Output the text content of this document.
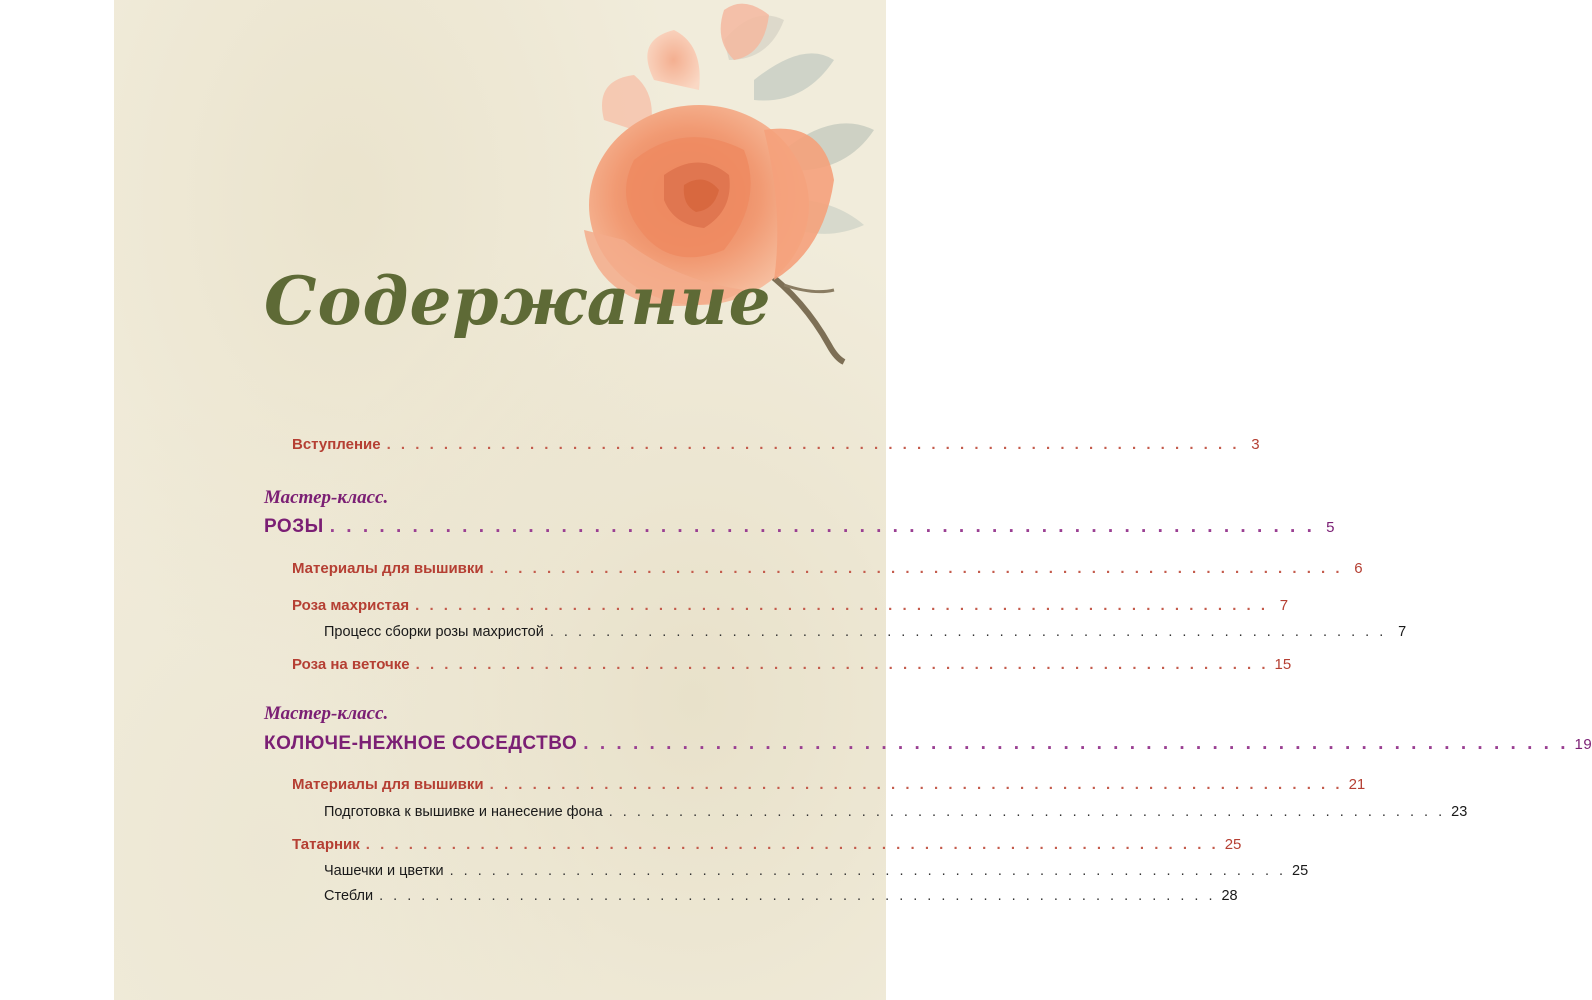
Содержание
Вступление . . . . . . . . . . . . . . . . . . . . . . . . . . . . . . . . . . . . . . . . . . . . . . . . . . . . . . . . . . . . 3
Мастер-класс.
РОЗЫ . . . . . . . . . . . . . . . . . . . . . . . . . . . . . . . . . . . . . . . . . . . . . . . . . . . . . . . . . . . . 5
Материалы для вышивки . . . . . . . . . . . . . . . . . . . . . . . . . . . . . . . . . . . . . . . . . . . . . . . . . . . . . . . . . . . . 6
Роза махристая . . . . . . . . . . . . . . . . . . . . . . . . . . . . . . . . . . . . . . . . . . . . . . . . . . . . . . . . . . . . 7
Процесс сборки розы махристой . . . . . . . . . . . . . . . . . . . . . . . . . . . . . . . . . . . . . . . . . . . . . . . . . . . . . . . . . . . . 7
Роза на веточке . . . . . . . . . . . . . . . . . . . . . . . . . . . . . . . . . . . . . . . . . . . . . . . . . . . . . . . . . . . . 15
Мастер-класс.
КОЛЮЧЕ-НЕЖНОЕ СОСЕДСТВО . . . . . . . . . . . . . . . . . . . . . . . . . . . . . . . . . . . . . . . . . . . . . . . . . . . . . . . . . . . . 19
Материалы для вышивки . . . . . . . . . . . . . . . . . . . . . . . . . . . . . . . . . . . . . . . . . . . . . . . . . . . . . . . . . . . . 21
Подготовка к вышивке и нанесение фона . . . . . . . . . . . . . . . . . . . . . . . . . . . . . . . . . . . . . . . . . . . . . . . . . . . . . . . . . . . . 23
Татарник . . . . . . . . . . . . . . . . . . . . . . . . . . . . . . . . . . . . . . . . . . . . . . . . . . . . . . . . . . . . 25
Чашечки и цветки . . . . . . . . . . . . . . . . . . . . . . . . . . . . . . . . . . . . . . . . . . . . . . . . . . . . . . . . . . . . 25
Стебли . . . . . . . . . . . . . . . . . . . . . . . . . . . . . . . . . . . . . . . . . . . . . . . . . . . . . . . . . . . . 28
